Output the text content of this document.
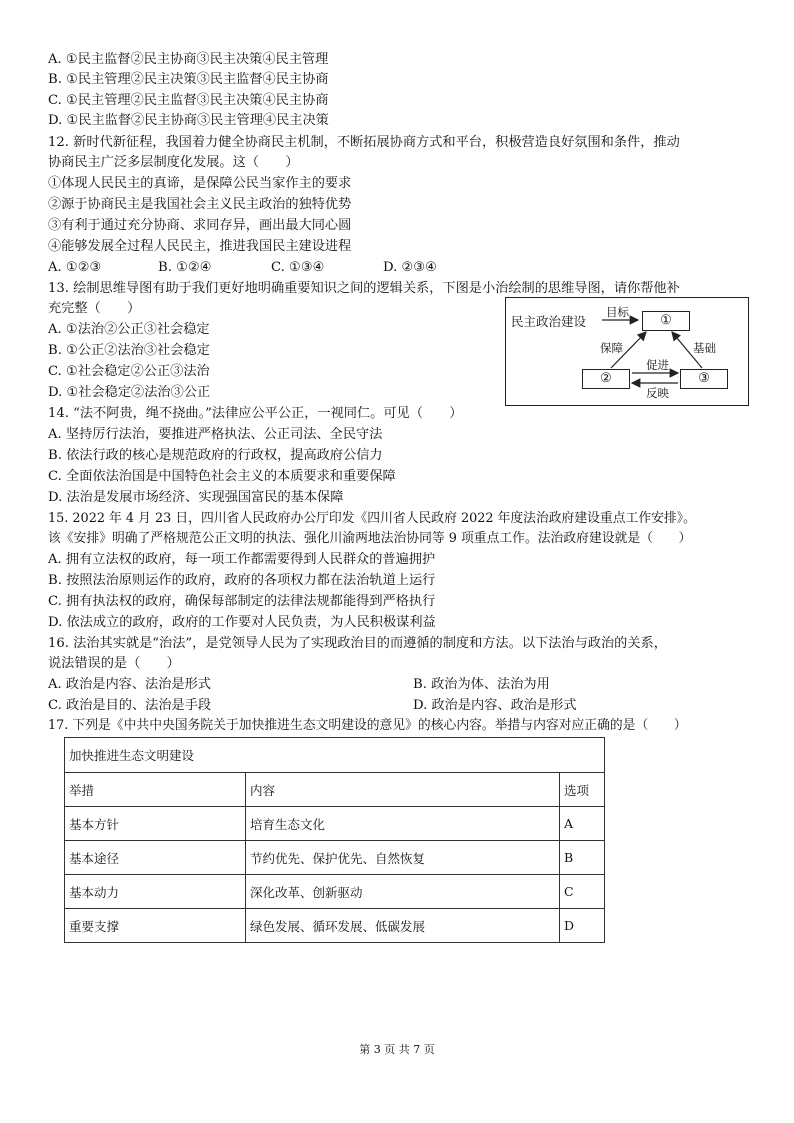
A. ①民主监督②民主协商③民主决策④民主管理
B. ①民主管理②民主决策③民主监督④民主协商
C. ①民主管理②民主监督③民主决策④民主协商
D. ①民主监督②民主协商③民主管理④民主决策
12. 新时代新征程，我国着力健全协商民主机制，不断拓展协商方式和平台，积极营造良好氛围和条件，推动
协商民主广泛多层制度化发展。这（　　）
①体现人民民主的真谛，是保障公民当家作主的要求
②源于协商民主是我国社会主义民主政治的独特优势
③有利于通过充分协商、求同存异，画出最大同心圆
④能够发展全过程人民民主，推进我国民主建设进程
A. ①②③	B. ①②④	C. ①③④	D. ②③④
13. 绘制思维导图有助于我们更好地明确重要知识之间的逻辑关系，下图是小治绘制的思维导图，请你帮他补
充完整（　　）
A. ①法治②公正③社会稳定
B. ①公正②法治③社会稳定
C. ①社会稳定②公正③法治
D. ①社会稳定②法治③公正
民主政治建设
目标
①
保障	基础
②
促进
反映
③
14. “法不阿贵，绳不挠曲。”法律应公平公正，一视同仁。可见（　　）
A. 坚持厉行法治，要推进严格执法、公正司法、全民守法
B. 依法行政的核心是规范政府的行政权，提高政府公信力
C. 全面依法治国是中国特色社会主义的本质要求和重要保障
D. 法治是发展市场经济、实现强国富民的基本保障
15. 2022 年 4 月 23 日，四川省人民政府办公厅印发《四川省人民政府 2022 年度法治政府建设重点工作安排》。
该《安排》明确了严格规范公正文明的执法、强化川渝两地法治协同等 9 项重点工作。法治政府建设就是（　　）
A. 拥有立法权的政府，每一项工作都需要得到人民群众的普遍拥护
B. 按照法治原则运作的政府，政府的各项权力都在法治轨道上运行
C. 拥有执法权的政府，确保每部制定的法律法规都能得到严格执行
D. 依法成立的政府，政府的工作要对人民负责，为人民积极谋利益
16. 法治其实就是“治法”，是党领导人民为了实现政治目的而遵循的制度和方法。以下法治与政治的关系，
说法错误的是（　　）
A. 政治是内容、法治是形式	B. 政治为体、法治为用
C. 政治是目的、法治是手段	D. 政治是内容、政治是形式
17. 下列是《中共中央国务院关于加快推进生态文明建设的意见》的核心内容。举措与内容对应正确的是（　　）
加快推进生态文明建设		
举措	内容	选项
基本方针	培育生态文化	A
基本途径	节约优先、保护优先、自然恢复	B
基本动力	深化改革、创新驱动	C
重要支撑	绿色发展、循环发展、低碳发展	D
第 3 页 共 7 页
